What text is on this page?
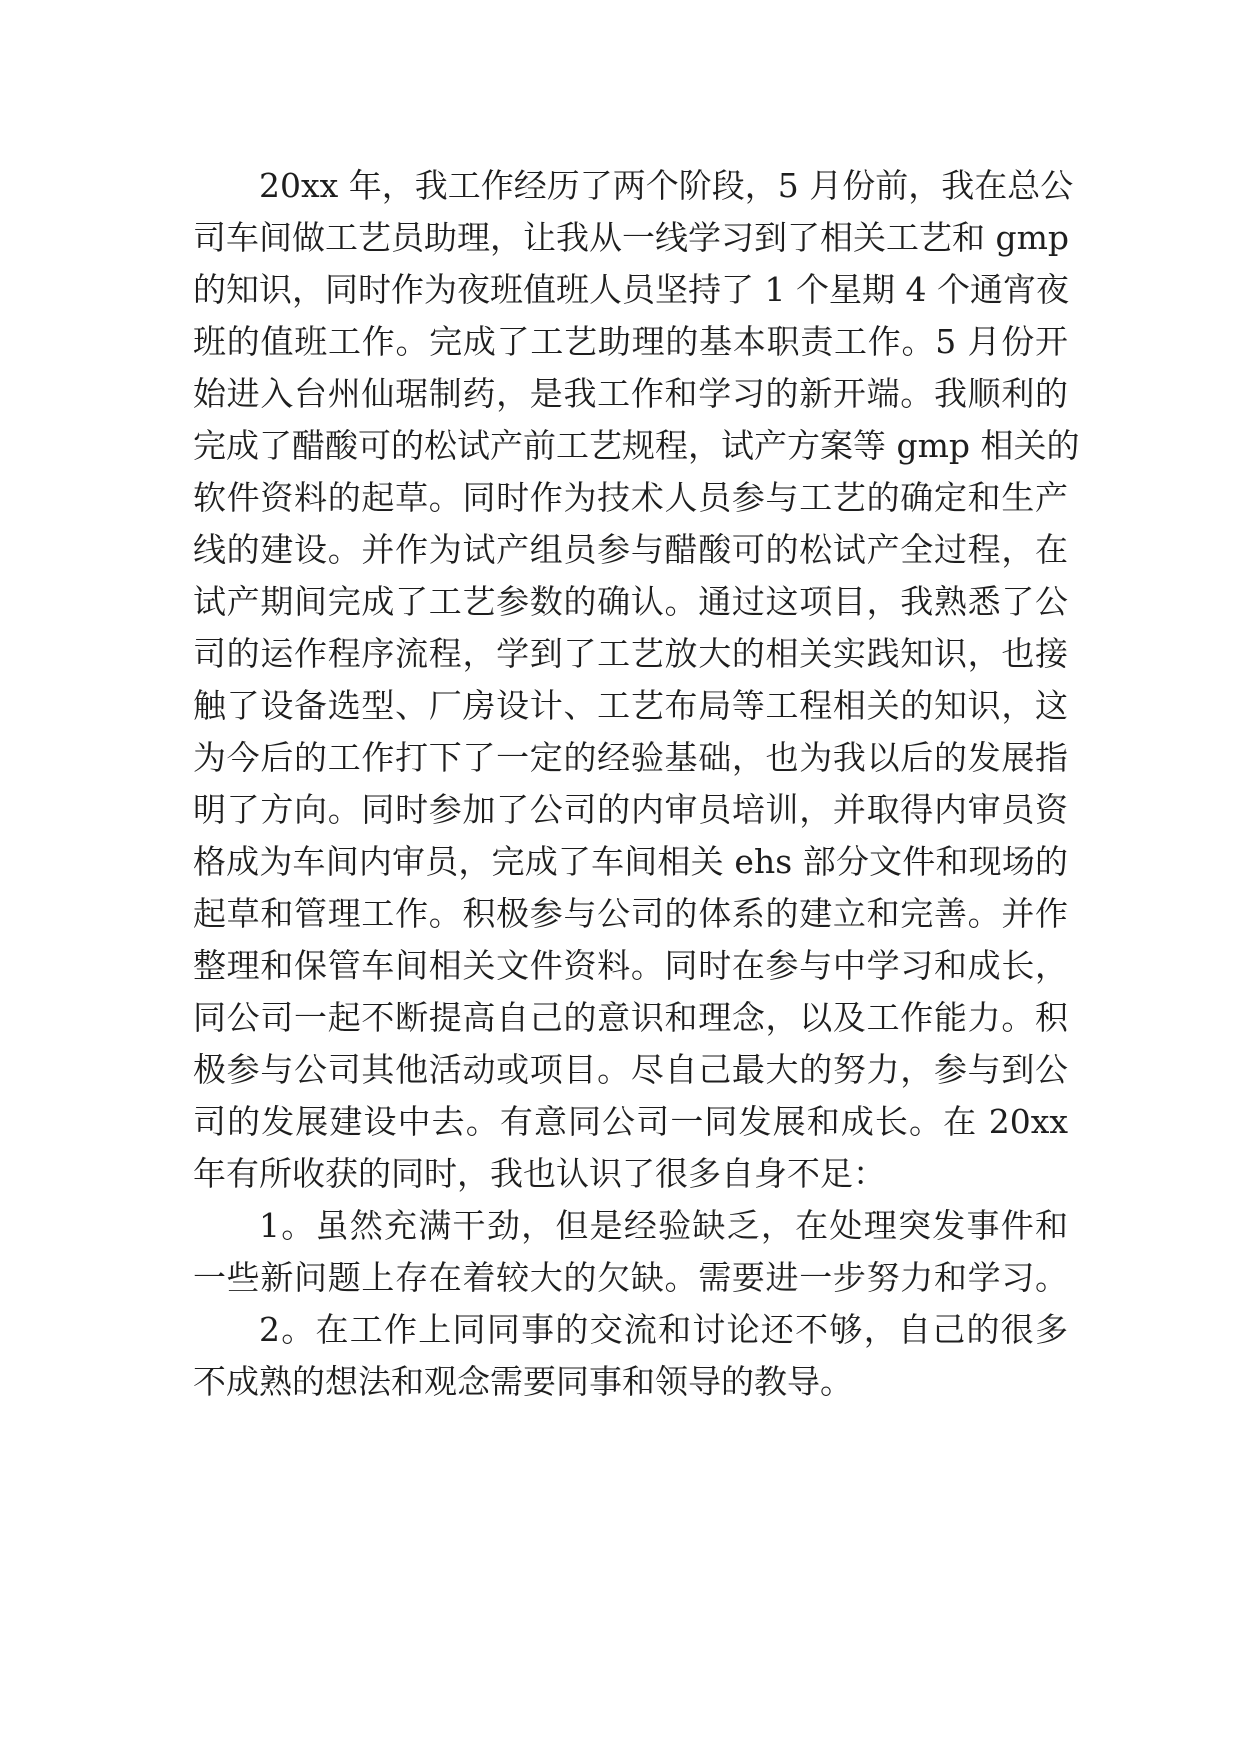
20xx 年，我工作经历了两个阶段，5 月份前，我在总公
司车间做工艺员助理，让我从一线学习到了相关工艺和 gmp
的知识，同时作为夜班值班人员坚持了 1 个星期 4 个通宵夜
班的值班工作。完成了工艺助理的基本职责工作。5 月份开
始进入台州仙琚制药，是我工作和学习的新开端。我顺利的
完成了醋酸可的松试产前工艺规程，试产方案等 gmp 相关的
软件资料的起草。同时作为技术人员参与工艺的确定和生产
线的建设。并作为试产组员参与醋酸可的松试产全过程，在
试产期间完成了工艺参数的确认。通过这项目，我熟悉了公
司的运作程序流程，学到了工艺放大的相关实践知识，也接
触了设备选型、厂房设计、工艺布局等工程相关的知识，这
为今后的工作打下了一定的经验基础，也为我以后的发展指
明了方向。同时参加了公司的内审员培训，并取得内审员资
格成为车间内审员，完成了车间相关 ehs 部分文件和现场的
起草和管理工作。积极参与公司的体系的建立和完善。并作
整理和保管车间相关文件资料。同时在参与中学习和成长，
同公司一起不断提高自己的意识和理念，以及工作能力。积
极参与公司其他活动或项目。尽自己最大的努力，参与到公
司的发展建设中去。有意同公司一同发展和成长。在 20xx
年有所收获的同时，我也认识了很多自身不足：
1。虽然充满干劲，但是经验缺乏，在处理突发事件和
一些新问题上存在着较大的欠缺。需要进一步努力和学习。
2。在工作上同同事的交流和讨论还不够，自己的很多
不成熟的想法和观念需要同事和领导的教导。
